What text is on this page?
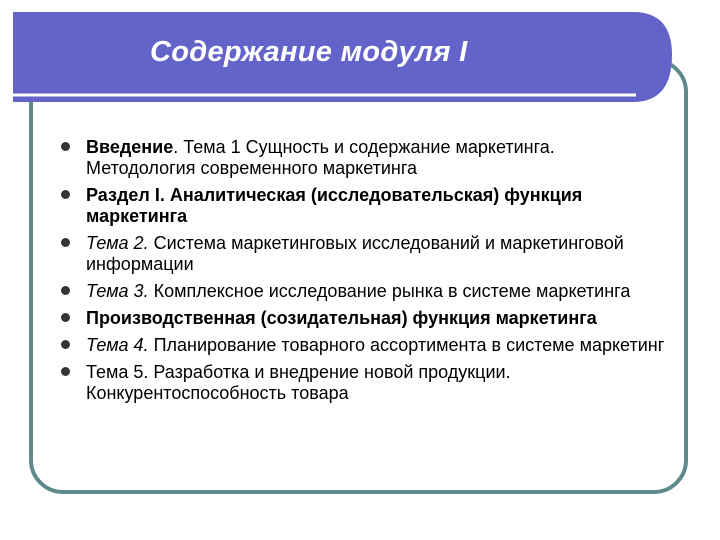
Содержание модуля I
Введение. Тема 1 Сущность и содержание маркетинга. Методология современного маркетинга
Раздел I. Аналитическая (исследовательская) функция маркетинга
Тема 2. Система маркетинговых исследований и маркетинговой информации
Тема 3. Комплексное исследование рынка в системе маркетинга
Производственная (созидательная) функция маркетинга
Тема 4. Планирование товарного ассортимента в системе маркетинг
Тема 5. Разработка и внедрение новой продукции. Конкурентоспособность товара
